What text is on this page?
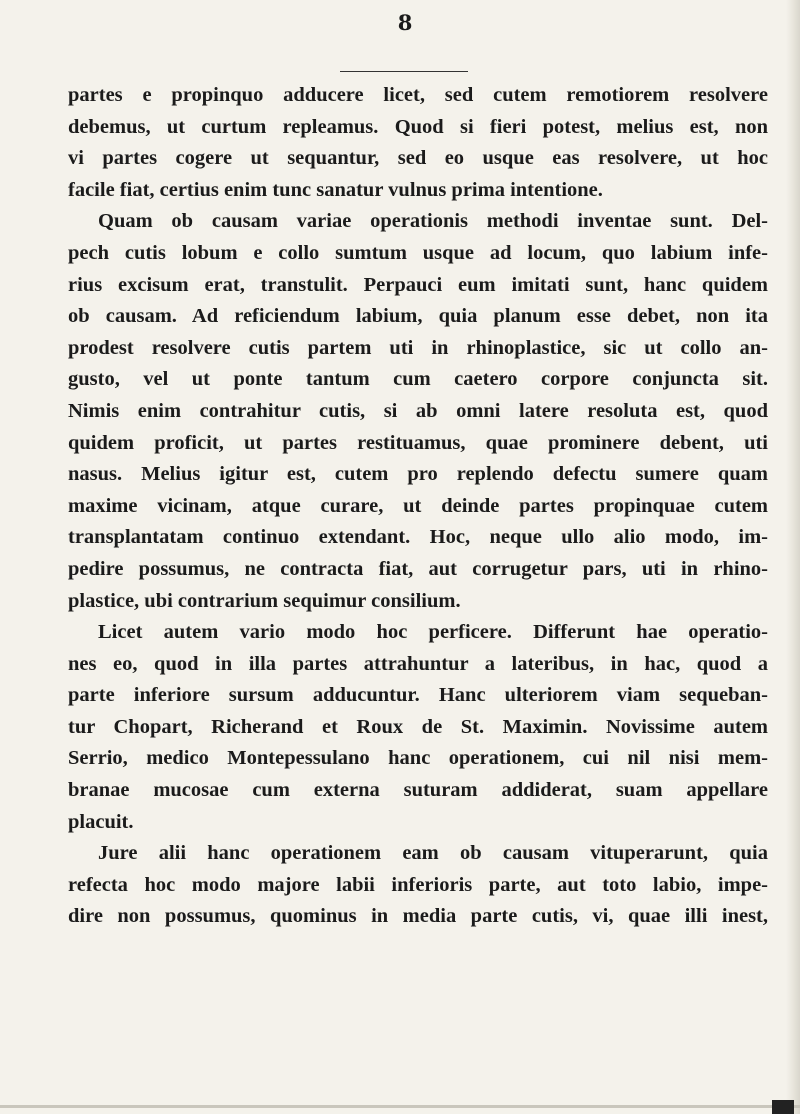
8
partes e propinquo adducere licet, sed cutem remotiorem resolvere
debemus, ut curtum repleamus. Quod si fieri potest, melius est, non
vi partes cogere ut sequantur, sed eo usque eas resolvere, ut hoc
facile fiat, certius enim tunc sanatur vulnus prima intentione.
Quam ob causam variae operationis methodi inventae sunt. Del-
pech cutis lobum e collo sumtum usque ad locum, quo labium infe-
rius excisum erat, transtulit. Perpauci eum imitati sunt, hanc quidem
ob causam. Ad reficiendum labium, quia planum esse debet, non ita
prodest resolvere cutis partem uti in rhinoplastice, sic ut collo an-
gusto, vel ut ponte tantum cum caetero corpore conjuncta sit.
Nimis enim contrahitur cutis, si ab omni latere resoluta est, quod
quidem proficit, ut partes restituamus, quae prominere debent, uti
nasus. Melius igitur est, cutem pro replendo defectu sumere quam
maxime vicinam, atque curare, ut deinde partes propinquae cutem
transplantatam continuo extendant. Hoc, neque ullo alio modo, im-
pedire possumus, ne contracta fiat, aut corrugetur pars, uti in rhino-
plastice, ubi contrarium sequimur consilium.
Licet autem vario modo hoc perficere. Differunt hae operatio-
nes eo, quod in illa partes attrahuntur a lateribus, in hac, quod a
parte inferiore sursum adducuntur. Hanc ulteriorem viam sequeban-
tur Chopart, Richerand et Roux de St. Maximin. Novissime autem
Serrio, medico Montepessulano hanc operationem, cui nil nisi mem-
branae mucosae cum externa suturam addiderat, suam appellare
placuit.
Jure alii hanc operationem eam ob causam vituperarunt, quia
refecta hoc modo majore labii inferioris parte, aut toto labio, impe-
dire non possumus, quominus in media parte cutis, vi, quae illi inest,
